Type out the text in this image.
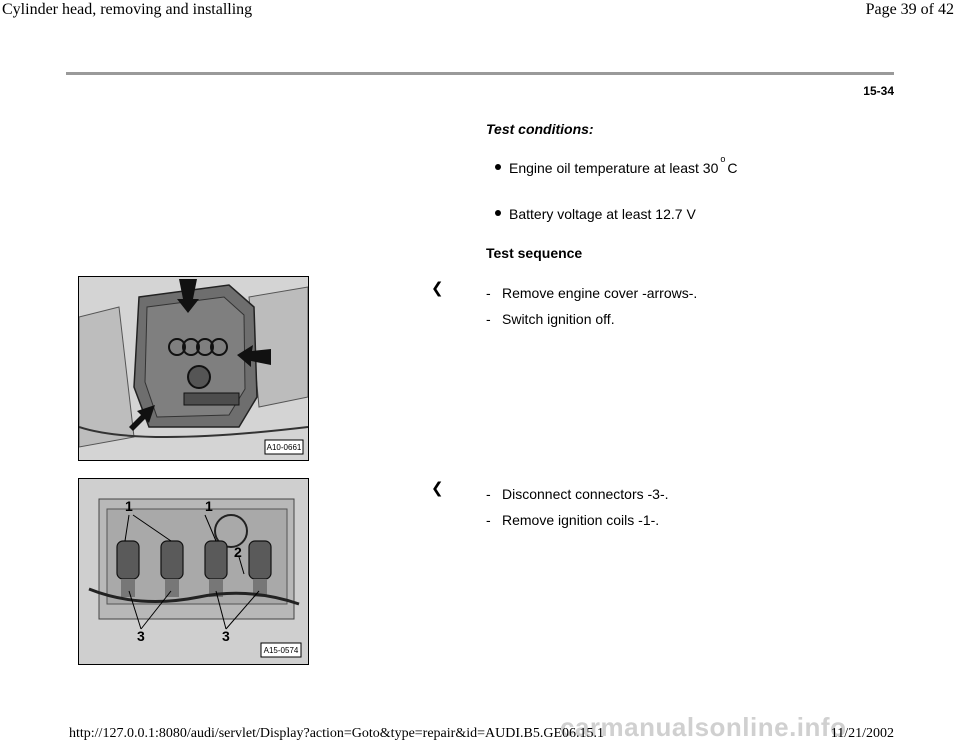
Cylinder head, removing and installing	Page 39 of 42
15-34
Test conditions:
Engine oil temperature at least 30
o
C
Battery voltage at least 12.7 V
Test sequence
A10-0661
❮	- Remove engine cover -arrows-.
- Switch ignition off.
1	1
2
3	3
A15-0574
❮	- Disconnect connectors -3-.
- Remove ignition coils -1-.
carmanualsonline.info
http://127.0.0.1:8080/audi/servlet/Display?action=Goto&type=repair&id=AUDI.B5.GE06.15.1	11/21/2002
